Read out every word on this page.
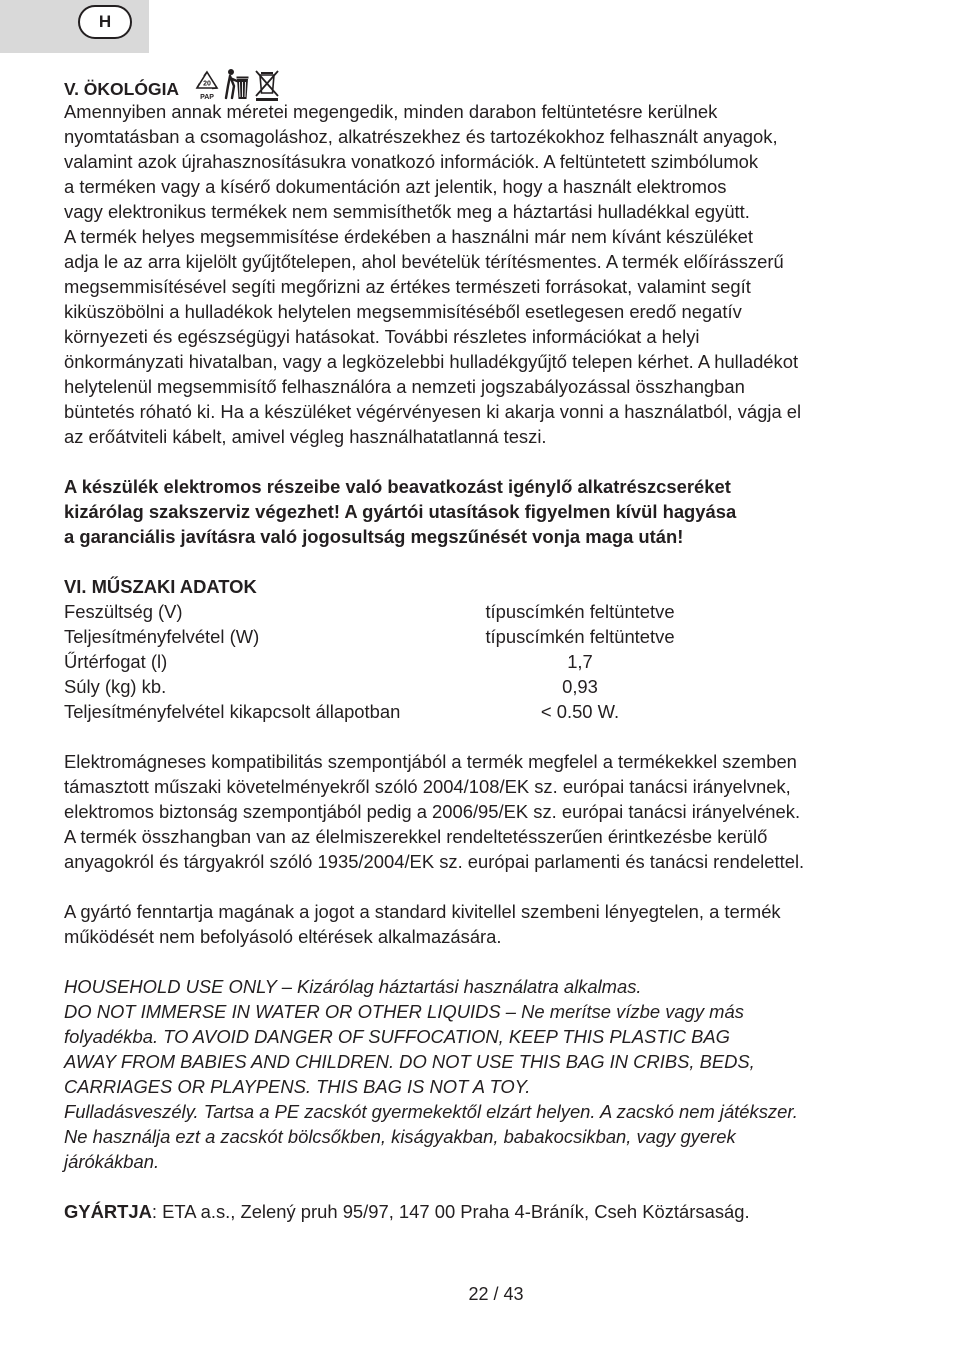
H
V. ÖKOLÓGIA	20
PAP
Amennyiben annak méretei megengedik, minden darabon feltüntetésre kerülnek
nyomtatásban a csomagoláshoz, alkatrészekhez és tartozékokhoz felhasznált anyagok,
valamint azok újrahasznosításukra vonatkozó információk. A feltüntetett szimbólumok
a terméken vagy a kísérő dokumentáción azt jelentik, hogy a használt elektromos
vagy elektronikus termékek nem semmisíthetők meg a háztartási hulladékkal együtt.
A termék helyes megsemmisítése érdekében a használni már nem kívánt készüléket
adja le az arra kijelölt gyűjtőtelepen, ahol bevételük térítésmentes. A termék előírásszerű
megsemmisítésével segíti megőrizni az értékes természeti forrásokat, valamint segít
kiküszöbölni a hulladékok helytelen megsemmisítéséből esetlegesen eredő negatív
környezeti és egészségügyi hatásokat. További részletes információkat a helyi
önkormányzati hivatalban, vagy a legközelebbi hulladékgyűjtő telepen kérhet. A hulladékot
helytelenül megsemmisítő felhasználóra a nemzeti jogszabályozással összhangban
büntetés róható ki. Ha a készüléket végérvényesen ki akarja vonni a használatból, vágja el
az erőátviteli kábelt, amivel végleg használhatatlanná teszi.
A készülék elektromos részeibe való beavatkozást igénylő alkatrészcseréket
kizárólag szakszerviz végezhet! A gyártói utasítások figyelmen kívül hagyása
a garanciális javításra való jogosultság megszűnését vonja maga után!
VI. MŰSZAKI ADATOK
Feszültség (V)	típuscímkén feltüntetve
Teljesítményfelvétel (W)	típuscímkén feltüntetve
Űrtérfogat (l)	1,7
Súly (kg) kb.	0,93
Teljesítményfelvétel kikapcsolt állapotban	< 0.50 W.
Elektromágneses kompatibilitás szempontjából a termék megfelel a termékekkel szemben
támasztott műszaki követelményekről szóló 2004/108/EK sz. európai tanácsi irányelvnek,
elektromos biztonság szempontjából pedig a 2006/95/EK sz. európai tanácsi irányelvének.
A termék összhangban van az élelmiszerekkel rendeltetésszerűen érintkezésbe kerülő
anyagokról és tárgyakról szóló 1935/2004/EK sz. európai parlamenti és tanácsi rendelettel.
A gyártó fenntartja magának a jogot a standard kivitellel szembeni lényegtelen, a termék
működését nem befolyásoló eltérések alkalmazására.
HOUSEHOLD USE ONLY – Kizárólag háztartási használatra alkalmas.
DO NOT IMMERSE IN WATER OR OTHER LIQUIDS – Ne merítse vízbe vagy más
folyadékba. TO AVOID DANGER OF SUFFOCATION, KEEP THIS PLASTIC BAG
AWAY FROM BABIES AND CHILDREN. DO NOT USE THIS BAG IN CRIBS, BEDS,
CARRIAGES OR PLAYPENS. THIS BAG IS NOT A TOY.
Fulladásveszély. Tartsa a PE zacskót gyermekektől elzárt helyen. A zacskó nem játékszer.
Ne használja ezt a zacskót bölcsőkben, kiságyakban, babakocsikban, vagy gyerek
járókákban.
GYÁRTJA: ETA a.s., Zelený pruh 95/97, 147 00 Praha 4-Bráník, Cseh Köztársaság.
22 / 43
